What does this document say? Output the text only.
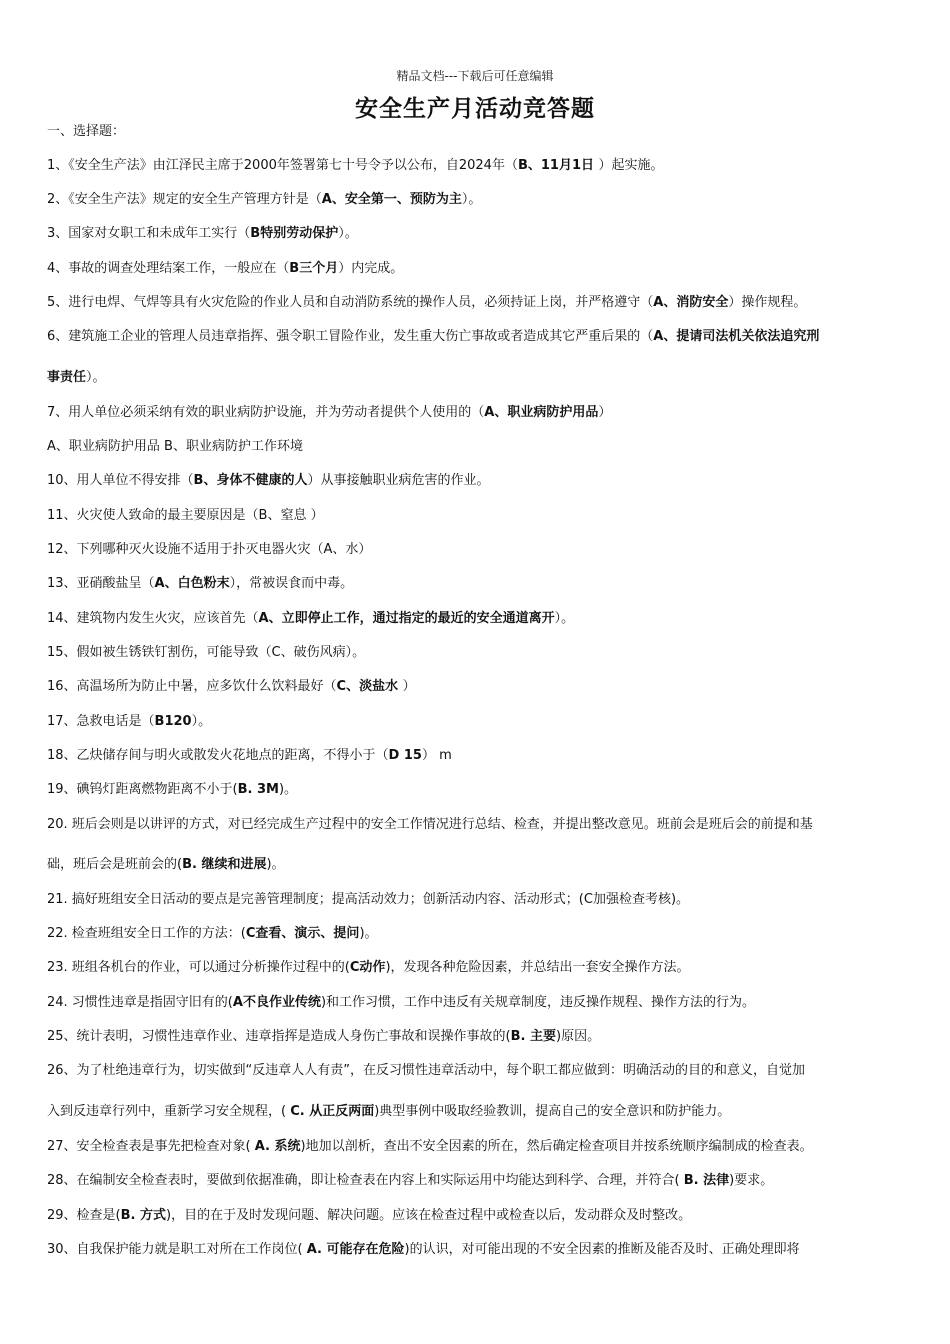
精品文档---下载后可任意编辑
安全生产月活动竞答题
一、选择题：
1、《安全生产法》由江泽民主席于2000年签署第七十号令予以公布，自2024年（B、11月1日 ）起实施。
2、《安全生产法》规定的安全生产管理方针是（A、安全第一、预防为主）。
3、国家对女职工和未成年工实行（B特别劳动保护）。
4、事故的调查处理结案工作，一般应在（B三个月）内完成。
5、进行电焊、气焊等具有火灾危险的作业人员和自动消防系统的操作人员，必须持证上岗，并严格遵守（A、消防安全）操作规程。
6、建筑施工企业的管理人员违章指挥、强令职工冒险作业，发生重大伤亡事故或者造成其它严重后果的（A、提请司法机关依法追究刑
事责任）。
7、用人单位必须采纳有效的职业病防护设施，并为劳动者提供个人使用的（A、职业病防护用品）
A、职业病防护用品 B、职业病防护工作环境
10、用人单位不得安排（B、身体不健康的人）从事接触职业病危害的作业。
11、火灾使人致命的最主要原因是（B、窒息 ）
12、下列哪种灭火设施不适用于扑灭电器火灾（A、水）
13、亚硝酸盐呈（A、白色粉末），常被误食而中毒。
14、建筑物内发生火灾，应该首先（A、立即停止工作，通过指定的最近的安全通道离开）。
15、假如被生锈铁钉割伤，可能导致（C、破伤风病）。
16、高温场所为防止中暑，应多饮什么饮料最好（C、淡盐水 ）
17、急救电话是（B120）。
18、乙炔储存间与明火或散发火花地点的距离，不得小于（D 15） m
19、碘钨灯距离燃物距离不小于(B. 3M)。
20. 班后会则是以讲评的方式，对已经完成生产过程中的安全工作情况进行总结、检查，并提出整改意见。班前会是班后会的前提和基
础，班后会是班前会的(B. 继续和进展)。
21. 搞好班组安全日活动的要点是完善管理制度；提高活动效力；创新活动内容、活动形式；(C加强检查考核)。
22. 检查班组安全日工作的方法：(C查看、演示、提问)。
23. 班组各机台的作业，可以通过分析操作过程中的(C动作)，发现各种危险因素，并总结出一套安全操作方法。
24. 习惯性违章是指固守旧有的(A不良作业传统)和工作习惯，工作中违反有关规章制度，违反操作规程、操作方法的行为。
25、统计表明，习惯性违章作业、违章指挥是造成人身伤亡事故和误操作事故的(B. 主要)原因。
26、为了杜绝违章行为，切实做到“反违章人人有责”，在反习惯性违章活动中，每个职工都应做到：明确活动的目的和意义，自觉加
入到反违章行列中，重新学习安全规程，( C. 从正反两面)典型事例中吸取经验教训，提高自己的安全意识和防护能力。
27、安全检查表是事先把检查对象( A. 系统)地加以剖析，查出不安全因素的所在，然后确定检查项目并按系统顺序编制成的检查表。
28、在编制安全检查表时，要做到依据准确，即让检查表在内容上和实际运用中均能达到科学、合理，并符合( B. 法律)要求。
29、检查是(B. 方式)，目的在于及时发现问题、解决问题。应该在检查过程中或检查以后，发动群众及时整改。
30、自我保护能力就是职工对所在工作岗位( A. 可能存在危险)的认识，对可能出现的不安全因素的推断及能否及时、正确处理即将
